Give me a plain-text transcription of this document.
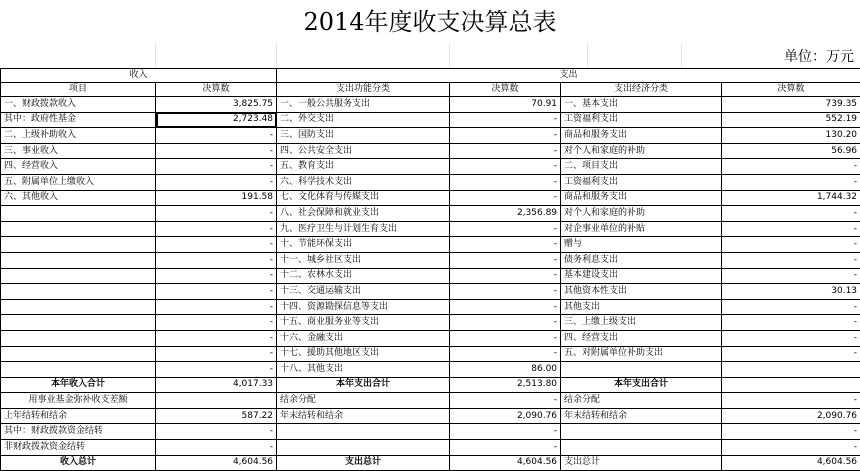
2014年度收支决算总表
单位：万元
收入		支出			
项目	决算数	支出功能分类	决算数	支出经济分类	决算数
一、财政拨款收入	3,825.75	一、一般公共服务支出	70.91	一、基本支出	739.35
其中：政府性基金	2,723.48	二、外交支出	-	工资福利支出	552.19
二、上级补助收入	-	三、国防支出	-	商品和服务支出	130.20
三、事业收入	-	四、公共安全支出	-	对个人和家庭的补助	56.96
四、经营收入	-	五、教育支出	-	二、项目支出	-
五、附属单位上缴收入	-	六、科学技术支出	-	工资福利支出	-
六、其他收入	191.58	七、文化体育与传媒支出	-	商品和服务支出	1,744.32
	-	八、社会保障和就业支出	2,356.89	对个人和家庭的补助	-
	-	九、医疗卫生与计划生育支出	-	对企事业单位的补贴	-
	-	十、节能环保支出	-	赠与	-
	-	十一、城乡社区支出	-	债务利息支出	-
	-	十二、农林水支出	-	基本建设支出	-
	-	十三、交通运输支出	-	其他资本性支出	30.13
	-	十四、资源勘探信息等支出	-	其他支出	-
	-	十五、商业服务业等支出	-	三、上缴上级支出	-
	-	十六、金融支出	-	四、经营支出	-
	-	十七、援助其他地区支出	-	五、对附属单位补助支出	-
	-	十八、其他支出	86.00		
本年收入合计	4,017.33	本年支出合计	2,513.80	本年支出合计	
用事业基金弥补收支差额		结余分配	-	结余分配	-
上年结转和结余	587.22	年末结转和结余	2,090.76	年末结转和结余	2,090.76
其中：财政拨款资金结转	-		-		-
非财政拨款资金结转	-		-		-
收入总计	4,604.56	支出总计	4,604.56	支出总计	4,604.56
